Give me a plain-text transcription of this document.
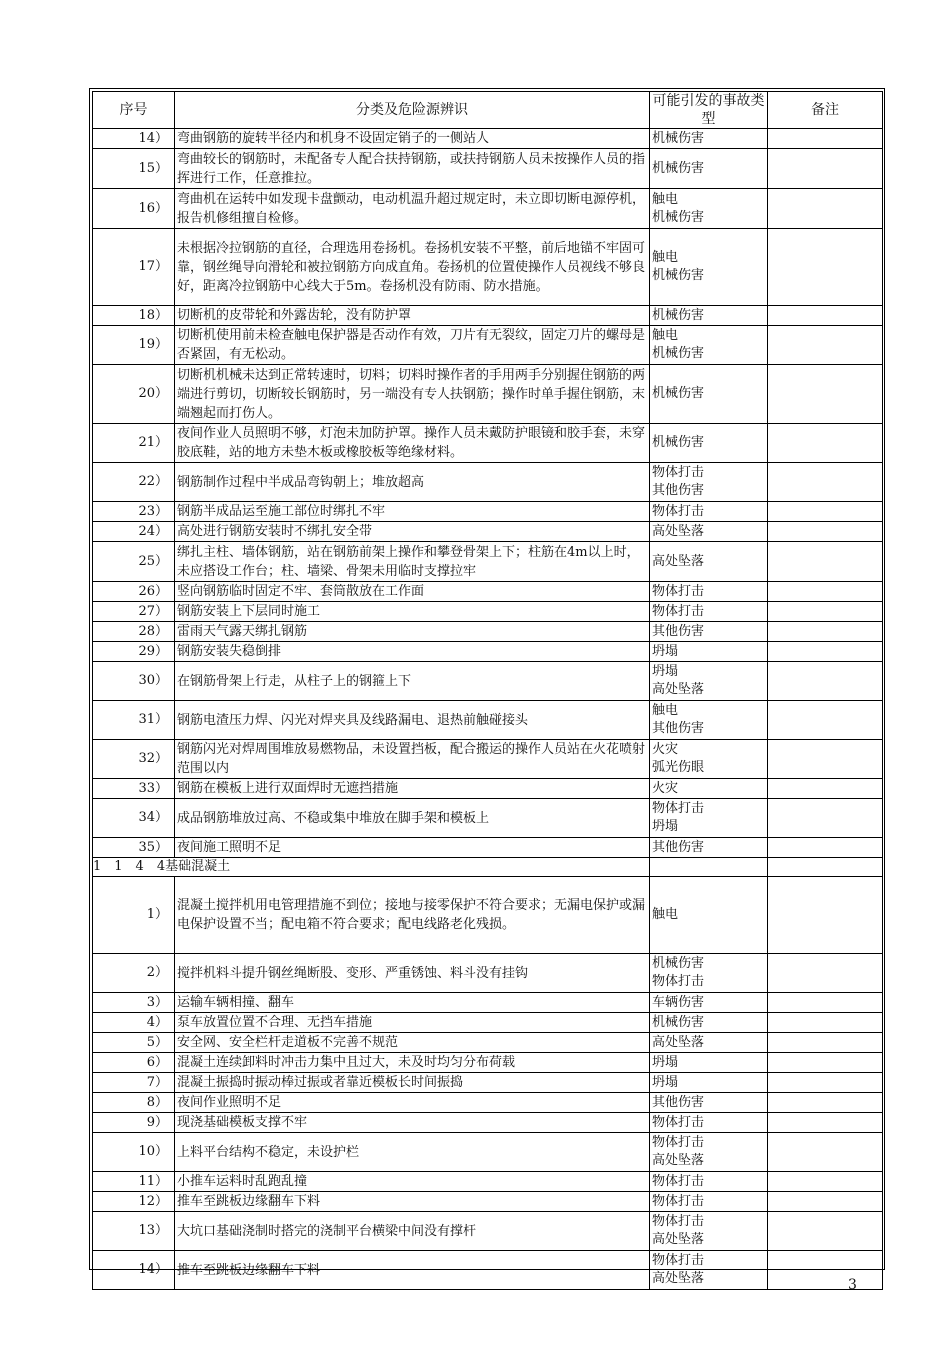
序号	分类及危险源辨识	可能引发的事故类型	备注
14）	弯曲钢筋的旋转半径内和机身不设固定销子的一侧站人	机械伤害	

15）	弯曲较长的钢筋时，未配备专人配合扶持钢筋，或扶持钢筋人员未按操作人员的指挥进行工作，任意推拉。	机械伤害	

16）	弯曲机在运转中如发现卡盘颤动，电动机温升超过规定时，未立即切断电源停机，报告机修组擅自检修。	触电
机械伤害	

17）	未根据冷拉钢筋的直径，合理选用卷扬机。卷扬机安装不平整，前后地锚不牢固可靠，钢丝绳导向滑轮和被拉钢筋方向成直角。卷扬机的位置使操作人员视线不够良好，距离冷拉钢筋中心线大于5m。卷扬机没有防雨、防水措施。	触电
机械伤害	

18）	切断机的皮带轮和外露齿轮，没有防护罩	机械伤害	

19）	切断机使用前未检查触电保护器是否动作有效，刀片有无裂纹，固定刀片的螺母是否紧固，有无松动。	触电
机械伤害	

20）	切断机机械未达到正常转速时，切料；切料时操作者的手用两手分别握住钢筋的两端进行剪切，切断较长钢筋时，另一端没有专人扶钢筋；操作时单手握住钢筋，末端翘起而打伤人。	机械伤害	

21）	夜间作业人员照明不够，灯泡未加防护罩。操作人员未戴防护眼镜和胶手套，未穿胶底鞋，站的地方未垫木板或橡胶板等绝缘材料。	机械伤害	

22）	钢筋制作过程中半成品弯钩朝上；堆放超高	物体打击
其他伤害	

23）	钢筋半成品运至施工部位时绑扎不牢	物体打击	

24）	高处进行钢筋安装时不绑扎安全带	高处坠落	

25）	绑扎主柱、墙体钢筋，站在钢筋前架上操作和攀登骨架上下；柱筋在4m以上时，未应搭设工作台；柱、墙梁、骨架未用临时支撑拉牢	高处坠落	

26）	竖向钢筋临时固定不牢、套筒散放在工作面	物体打击	

27）	钢筋安装上下层同时施工	物体打击	

28）	雷雨天气露天绑扎钢筋	其他伤害	

29）	钢筋安装失稳倒排	坍塌	

30）	在钢筋骨架上行走，从柱子上的钢箍上下	坍塌
高处坠落	

31）	钢筋电渣压力焊、闪光对焊夹具及线路漏电、退热前触碰接头	触电
其他伤害	

32）	钢筋闪光对焊周围堆放易燃物品，未设置挡板，配合搬运的操作人员站在火花喷射范围以内	火灾
弧光伤眼	

33）	钢筋在模板上进行双面焊时无遮挡措施	火灾	

34）	成品钢筋堆放过高、不稳或集中堆放在脚手架和模板上	物体打击
坍塌	

35）	夜间施工照明不足	其他伤害	

1　1　4　4基础混凝土			
1）	混凝土搅拌机用电管理措施不到位；接地与接零保护不符合要求；无漏电保护或漏电保护设置不当；配电箱不符合要求；配电线路老化残损。	触电	

2）	搅拌机料斗提升钢丝绳断股、变形、严重锈蚀、料斗没有挂钩	机械伤害
物体打击	

3）	运输车辆相撞、翻车	车辆伤害	

4）	泵车放置位置不合理、无挡车措施	机械伤害	

5）	安全网、安全栏杆走道板不完善不规范	高处坠落	

6）	混凝土连续卸料时冲击力集中且过大，未及时均匀分布荷载	坍塌	

7）	混凝土振捣时振动棒过振或者靠近模板长时间振捣	坍塌	

8）	夜间作业照明不足	其他伤害	

9）	现浇基础模板支撑不牢	物体打击	

10）	上料平台结构不稳定，未设护栏	物体打击
高处坠落	

11）	小推车运料时乱跑乱撞	物体打击	

12）	推车至跳板边缘翻车下料	物体打击	

13）	大坑口基础浇制时搭完的浇制平台横梁中间没有撑杆	物体打击
高处坠落	

14）	推车至跳板边缘翻车下料	物体打击
高处坠落	
		3
